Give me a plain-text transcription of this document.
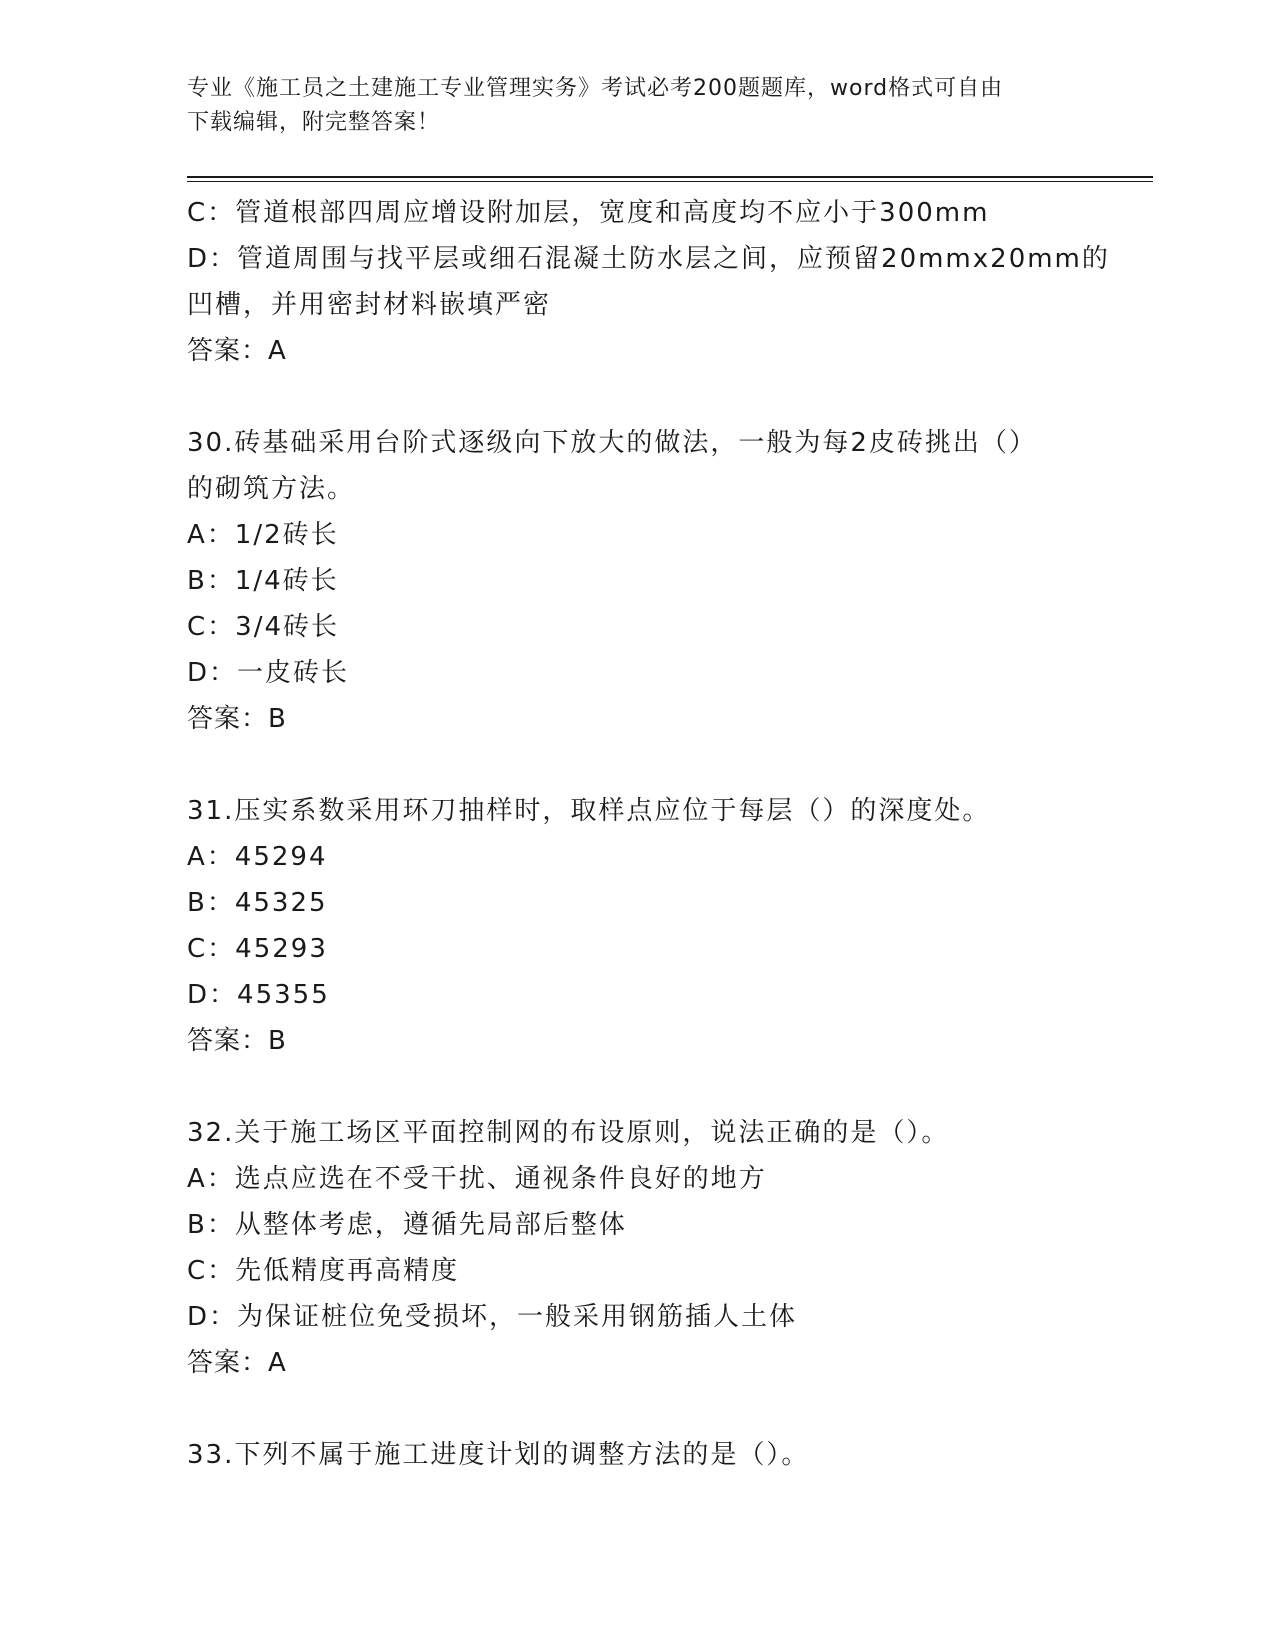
专业《施工员之土建施工专业管理实务》考试必考200题题库，word格式可自由
下载编辑，附完整答案！
C：管道根部四周应增设附加层，宽度和高度均不应小于300mm
D：管道周围与找平层或细石混凝土防水层之间，应预留20mmx20mm的
凹槽，并用密封材料嵌填严密
答案：A
30.砖基础采用台阶式逐级向下放大的做法，一般为每2皮砖挑出（）
的砌筑方法。
A：1/2砖长
B：1/4砖长
C：3/4砖长
D：一皮砖长
答案：B
31.压实系数采用环刀抽样时，取样点应位于每层（）的深度处。
A：45294
B：45325
C：45293
D：45355
答案：B
32.关于施工场区平面控制网的布设原则，说法正确的是（）。
A：选点应选在不受干扰、通视条件良好的地方
B：从整体考虑，遵循先局部后整体
C：先低精度再高精度
D：为保证桩位免受损坏，一般采用钢筋插人土体
答案：A
33.下列不属于施工进度计划的调整方法的是（）。
